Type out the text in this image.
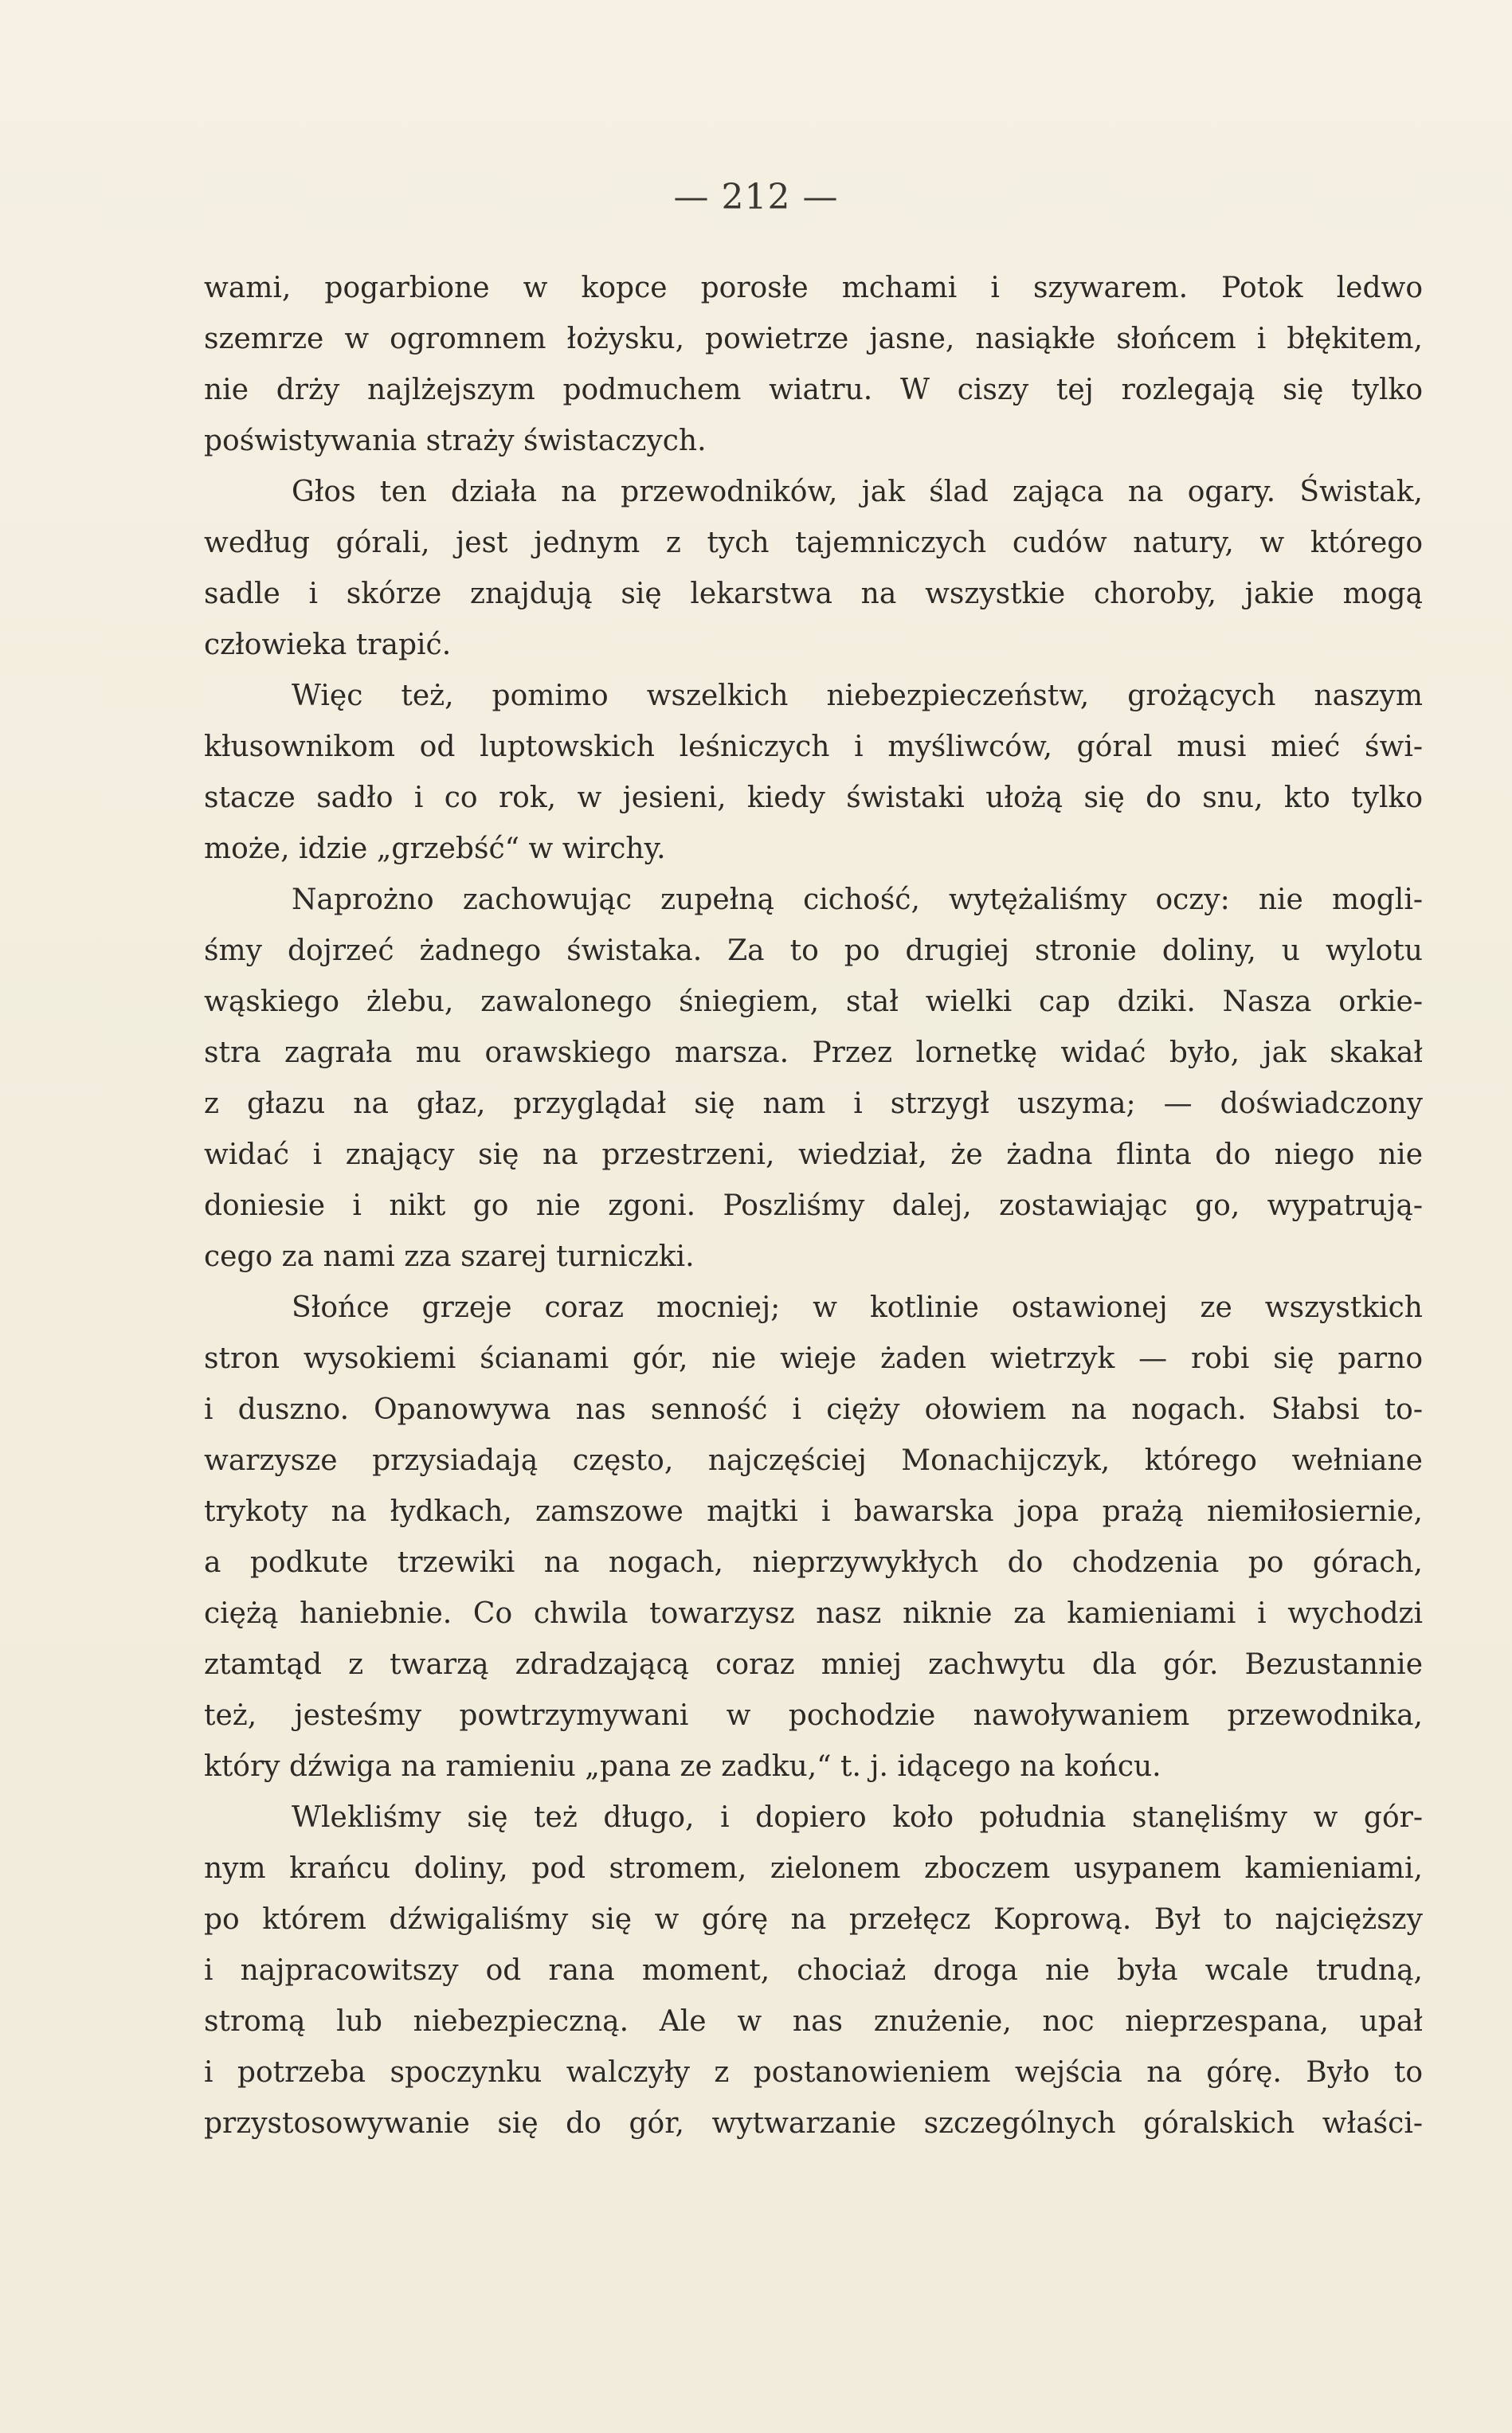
— 212 —
wami, pogarbione w kopce porosłe mchami i szywarem. Potok ledwo
szemrze w ogromnem łożysku, powietrze jasne, nasiąkłe słońcem i błękitem,
nie drży najlżejszym podmuchem wiatru. W ciszy tej rozlegają się tylko
poświstywania straży świstaczych.
Głos ten działa na przewodników, jak ślad zająca na ogary. Świstak,
według górali, jest jednym z tych tajemniczych cudów natury, w którego
sadle i skórze znajdują się lekarstwa na wszystkie choroby, jakie mogą
człowieka trapić.
Więc też, pomimo wszelkich niebezpieczeństw, grożących naszym
kłusownikom od luptowskich leśniczych i myśliwców, góral musi mieć świ-
stacze sadło i co rok, w jesieni, kiedy świstaki ułożą się do snu, kto tylko
może, idzie „grzebść“ w wirchy.
Naprożno zachowując zupełną cichość, wytężaliśmy oczy: nie mogli-
śmy dojrzeć żadnego świstaka. Za to po drugiej stronie doliny, u wylotu
wąskiego żlebu, zawalonego śniegiem, stał wielki cap dziki. Nasza orkie-
stra zagrała mu orawskiego marsza. Przez lornetkę widać było, jak skakał
z głazu na głaz, przyglądał się nam i strzygł uszyma; — doświadczony
widać i znający się na przestrzeni, wiedział, że żadna flinta do niego nie
doniesie i nikt go nie zgoni. Poszliśmy dalej, zostawiając go, wypatrują-
cego za nami zza szarej turniczki.
Słońce grzeje coraz mocniej; w kotlinie ostawionej ze wszystkich
stron wysokiemi ścianami gór, nie wieje żaden wietrzyk — robi się parno
i duszno. Opanowywa nas senność i cięży ołowiem na nogach. Słabsi to-
warzysze przysiadają często, najczęściej Monachijczyk, którego wełniane
trykoty na łydkach, zamszowe majtki i bawarska jopa prażą niemiłosiernie,
a podkute trzewiki na nogach, nieprzywykłych do chodzenia po górach,
ciężą haniebnie. Co chwila towarzysz nasz niknie za kamieniami i wychodzi
ztamtąd z twarzą zdradzającą coraz mniej zachwytu dla gór. Bezustannie
też, jesteśmy powtrzymywani w pochodzie nawoływaniem przewodnika,
który dźwiga na ramieniu „pana ze zadku,“ t. j. idącego na końcu.
Wlekliśmy się też długo, i dopiero koło południa stanęliśmy w gór-
nym krańcu doliny, pod stromem, zielonem zboczem usypanem kamieniami,
po którem dźwigaliśmy się w górę na przełęcz Koprową. Był to najcięższy
i najpracowitszy od rana moment, chociaż droga nie była wcale trudną,
stromą lub niebezpieczną. Ale w nas znużenie, noc nieprzespana, upał
i potrzeba spoczynku walczyły z postanowieniem wejścia na górę. Było to
przystosowywanie się do gór, wytwarzanie szczególnych góralskich właści-
